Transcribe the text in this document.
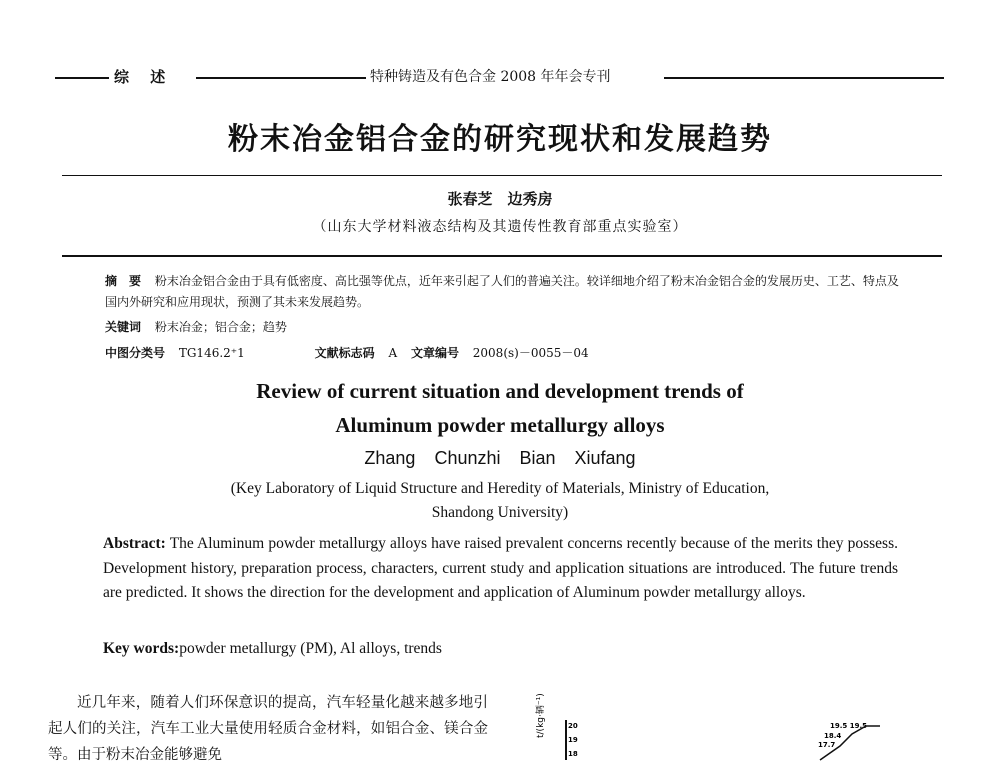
综 述	特种铸造及有色合金 2008 年年会专刊
粉末冶金铝合金的研究现状和发展趋势
张春芝　边秀房
（山东大学材料液态结构及其遗传性教育部重点实验室）
摘　要 粉末冶金铝合金由于具有低密度、高比强等优点，近年来引起了人们的普遍关注。较详细地介绍了粉末冶金铝合金的发展历史、工艺、特点及国内外研究和应用现状，预测了其未来发展趋势。
关键词 粉末冶金；铝合金；趋势
中图分类号 TG146.2⁺1	文献标志码 A 文章编号 2008(s)－0055－04
Review of current situation and development trends of
Aluminum powder metallurgy alloys
Zhang Chunzhi Bian Xiufang
(Key Laboratory of Liquid Structure and Heredity of Materials, Ministry of Education,
Shandong University)
Abstract: The Aluminum powder metallurgy alloys have raised prevalent concerns recently because of the merits they possess. Development history, preparation process, characters, current study and application situations are introduced. The future trends are predicted. It shows the direction for the development and application of Aluminum powder metallurgy alloys.
Key words:powder metallurgy (PM), Al alloys, trends
近几年来，随着人们环保意识的提高，汽车轻量化越来越多地引起人们的关注，汽车工业大量使用轻质合金材料，如铝合金、镁合金等。由于粉末冶金能够避免
t/(kg·辆⁻¹)	20
19
18
19.5 19.5
18.4
17.7
